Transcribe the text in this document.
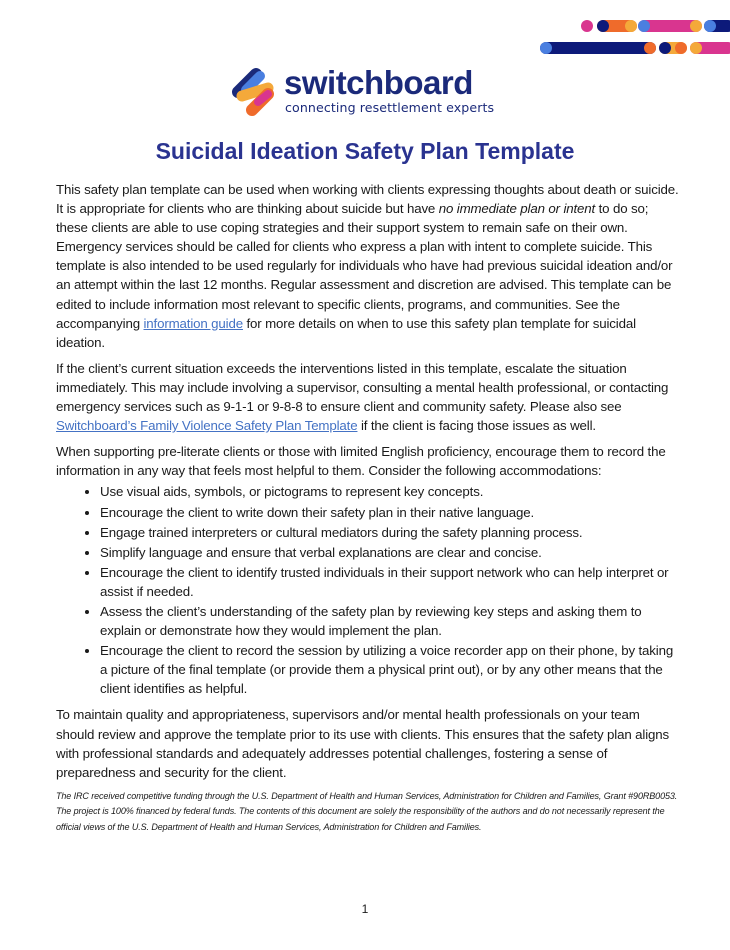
switchboard
connecting resettlement experts
Suicidal Ideation Safety Plan Template

This safety plan template can be used when working with clients expressing thoughts about death or suicide. It is appropriate for clients who are thinking about suicide but have no immediate plan or intent to do so; these clients are able to use coping strategies and their support system to remain safe on their own. Emergency services should be called for clients who express a plan with intent to complete suicide. This template is also intended to be used regularly for individuals who have had previous suicidal ideation and/or an attempt within the last 12 months. Regular assessment and discretion are advised. This template can be edited to include information most relevant to specific clients, programs, and communities. See the accompanying information guide for more details on when to use this safety plan template for suicidal ideation.

If the client’s current situation exceeds the interventions listed in this template, escalate the situation immediately. This may include involving a supervisor, consulting a mental health professional, or contacting emergency services such as 9-1-1 or 9-8-8 to ensure client and community safety. Please also see Switchboard’s Family Violence Safety Plan Template if the client is facing those issues as well.

When supporting pre-literate clients or those with limited English proficiency, encourage them to record the information in any way that feels most helpful to them. Consider the following accommodations:

• Use visual aids, symbols, or pictograms to represent key concepts.
• Encourage the client to write down their safety plan in their native language.
• Engage trained interpreters or cultural mediators during the safety planning process.
• Simplify language and ensure that verbal explanations are clear and concise.
• Encourage the client to identify trusted individuals in their support network who can help interpret or assist if needed.
• Assess the client’s understanding of the safety plan by reviewing key steps and asking them to explain or demonstrate how they would implement the plan.
• Encourage the client to record the session by utilizing a voice recorder app on their phone, by taking a picture of the final template (or provide them a physical print out), or by any other means that the client identifies as helpful.

To maintain quality and appropriateness, supervisors and/or mental health professionals on your team should review and approve the template prior to its use with clients. This ensures that the safety plan aligns with professional standards and adequately addresses potential challenges, fostering a sense of preparedness and security for the client.

The IRC received competitive funding through the U.S. Department of Health and Human Services, Administration for Children and Families, Grant #90RB0053. The project is 100% financed by federal funds. The contents of this document are solely the responsibility of the authors and do not necessarily represent the official views of the U.S. Department of Health and Human Services, Administration for Children and Families.
1
